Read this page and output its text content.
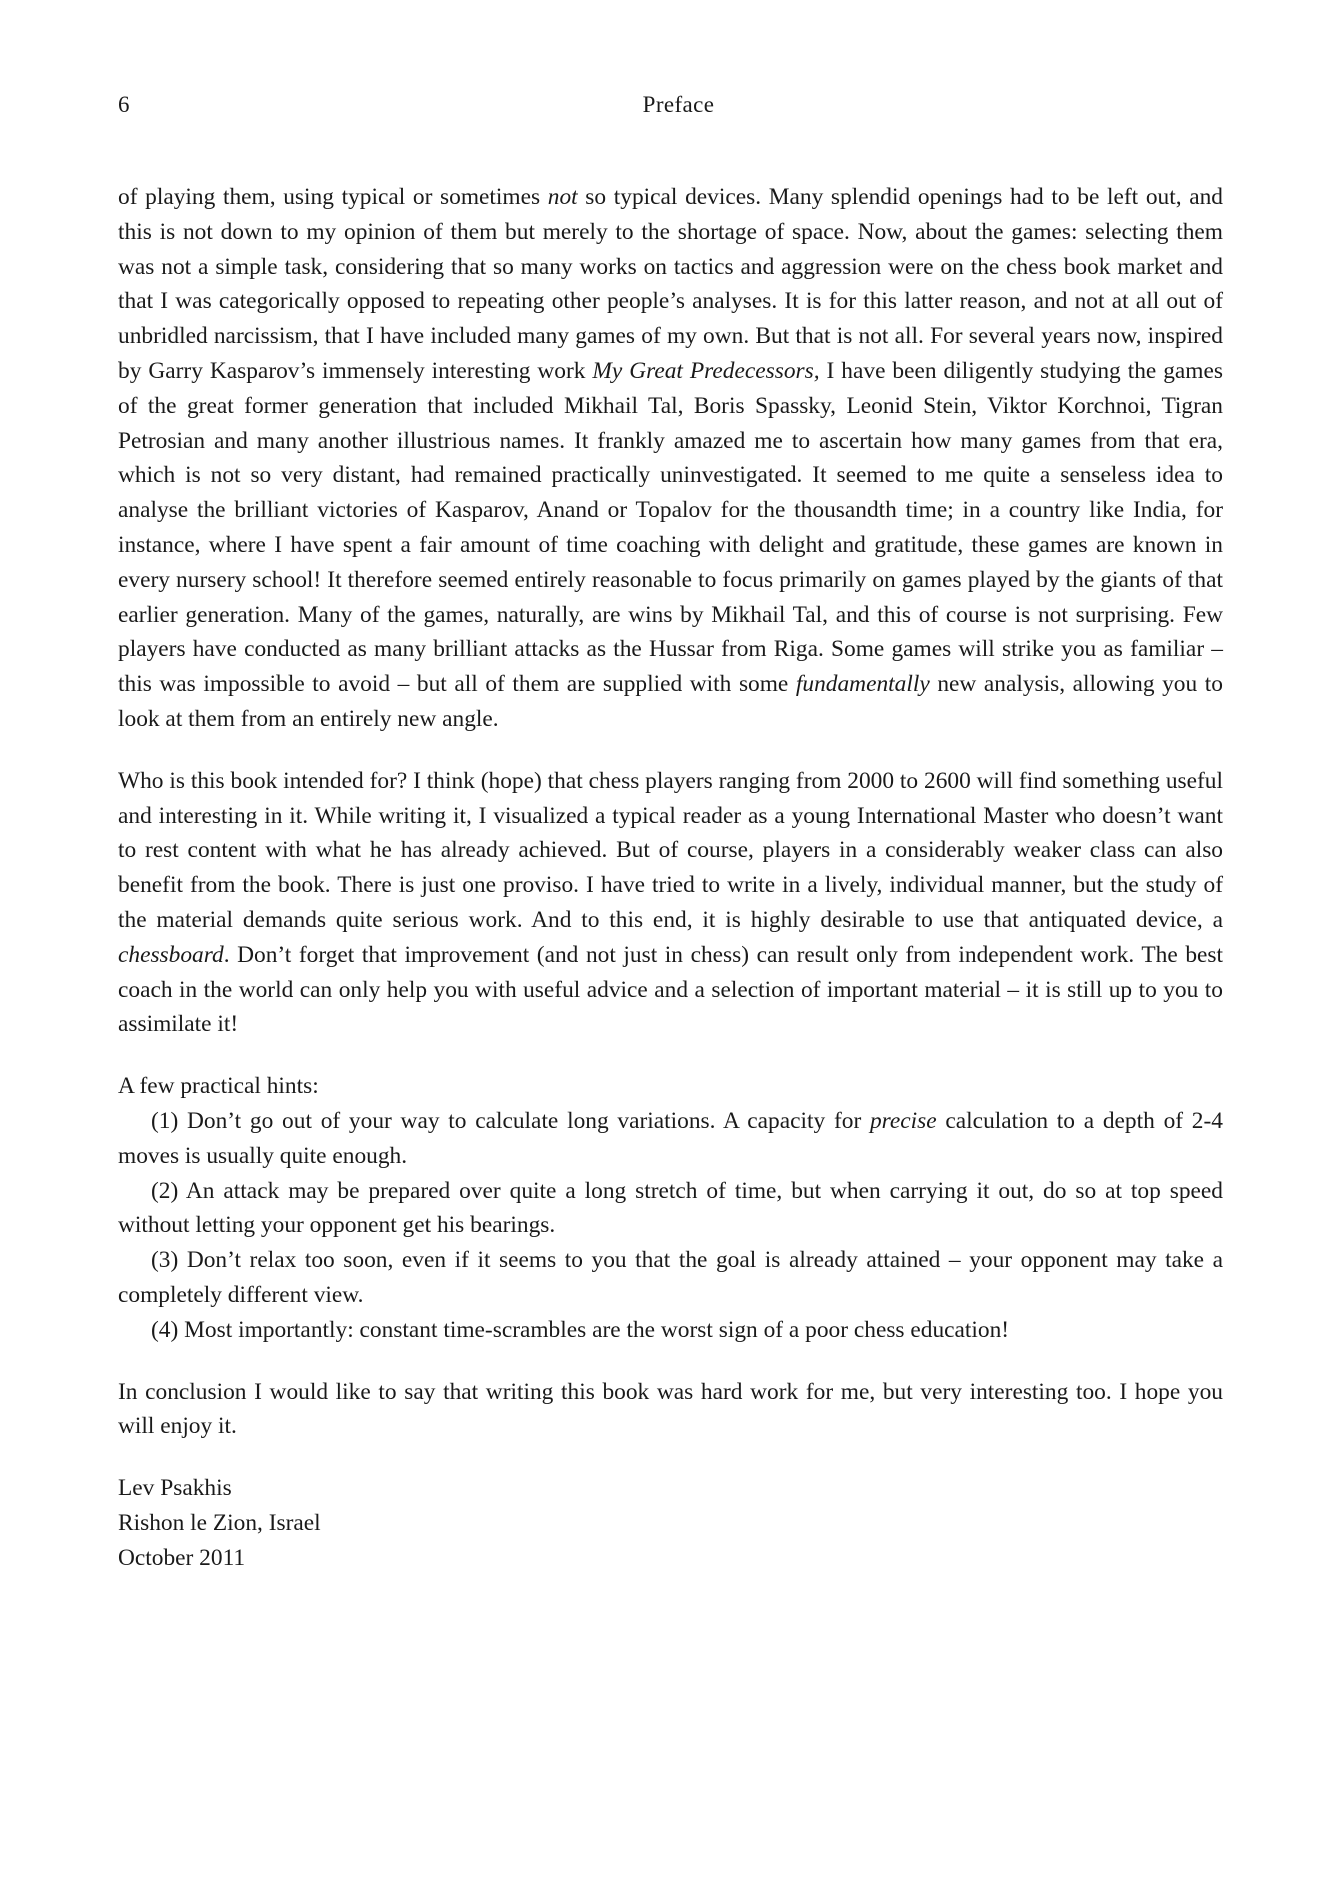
6	Preface

of playing them, using typical or sometimes not so typical devices. Many splendid openings had to be left out, and this is not down to my opinion of them but merely to the shortage of space. Now, about the games: selecting them was not a simple task, considering that so many works on tactics and aggression were on the chess book market and that I was categorically opposed to repeating other people’s analyses. It is for this latter reason, and not at all out of unbridled narcissism, that I have included many games of my own. But that is not all. For several years now, inspired by Garry Kasparov’s immensely interesting work My Great Predecessors, I have been diligently studying the games of the great former generation that included Mikhail Tal, Boris Spassky, Leonid Stein, Viktor Korchnoi, Tigran Petrosian and many another illustrious names. It frankly amazed me to ascertain how many games from that era, which is not so very distant, had remained practically uninvestigated. It seemed to me quite a senseless idea to analyse the brilliant victories of Kasparov, Anand or Topalov for the thousandth time; in a country like India, for instance, where I have spent a fair amount of time coaching with delight and gratitude, these games are known in every nursery school! It therefore seemed entirely reasonable to focus primarily on games played by the giants of that earlier generation. Many of the games, naturally, are wins by Mikhail Tal, and this of course is not surprising. Few players have conducted as many brilliant attacks as the Hussar from Riga. Some games will strike you as familiar – this was impossible to avoid – but all of them are supplied with some fundamentally new analysis, allowing you to look at them from an entirely new angle.

Who is this book intended for? I think (hope) that chess players ranging from 2000 to 2600 will find something useful and interesting in it. While writing it, I visualized a typical reader as a young International Master who doesn’t want to rest content with what he has already achieved. But of course, players in a considerably weaker class can also benefit from the book. There is just one proviso. I have tried to write in a lively, individual manner, but the study of the material demands quite serious work. And to this end, it is highly desirable to use that antiquated device, a chessboard. Don’t forget that improvement (and not just in chess) can result only from independent work. The best coach in the world can only help you with useful advice and a selection of important material – it is still up to you to assimilate it!

A few practical hints:

(1) Don’t go out of your way to calculate long variations. A capacity for precise calculation to a depth of 2-4 moves is usually quite enough.

(2) An attack may be prepared over quite a long stretch of time, but when carrying it out, do so at top speed without letting your opponent get his bearings.

(3) Don’t relax too soon, even if it seems to you that the goal is already attained – your opponent may take a completely different view.

(4) Most importantly: constant time-scrambles are the worst sign of a poor chess education!

In conclusion I would like to say that writing this book was hard work for me, but very interesting too. I hope you will enjoy it.

Lev Psakhis
Rishon le Zion, Israel
October 2011
